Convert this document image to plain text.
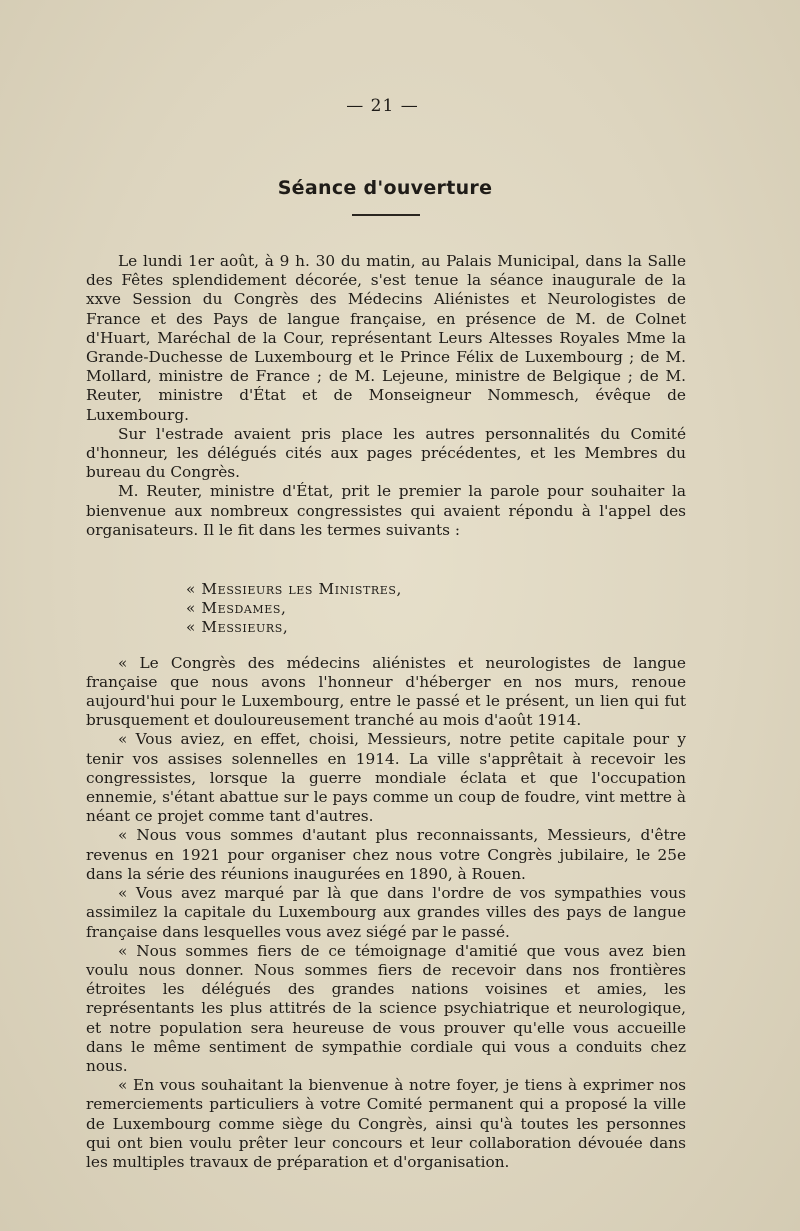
— 21 —
Séance d'ouverture

Le lundi 1er août, à 9 h. 30 du matin, au Palais Municipal, dans la Salle des Fêtes splendidement décorée, s'est tenue la séance inaugurale de la xxve Session du Congrès des Médecins Aliénistes et Neurologistes de France et des Pays de langue française, en présence de M. de Colnet d'Huart, Maréchal de la Cour, représentant Leurs Altesses Royales Mme la Grande-Duchesse de Luxembourg et le Prince Félix de Luxembourg ; de M. Mollard, ministre de France ; de M. Lejeune, ministre de Belgique ; de M. Reuter, ministre d'État et de Monseigneur Nommesch, évêque de Luxembourg.

Sur l'estrade avaient pris place les autres personnalités du Comité d'honneur, les délégués cités aux pages précédentes, et les Membres du bureau du Congrès.

M. Reuter, ministre d'État, prit le premier la parole pour souhaiter la bienvenue aux nombreux congressistes qui avaient répondu à l'appel des organisateurs. Il le fit dans les termes suivants :

« Messieurs les Ministres,

« Mesdames,

« Messieurs,

« Le Congrès des médecins aliénistes et neurologistes de langue française que nous avons l'honneur d'héberger en nos murs, renoue aujourd'hui pour le Luxembourg, entre le passé et le présent, un lien qui fut brusquement et douloureusement tranché au mois d'août 1914.

« Vous aviez, en effet, choisi, Messieurs, notre petite capitale pour y tenir vos assises solennelles en 1914. La ville s'apprêtait à recevoir les congressistes, lorsque la guerre mondiale éclata et que l'occupation ennemie, s'étant abattue sur le pays comme un coup de foudre, vint mettre à néant ce projet comme tant d'autres.

« Nous vous sommes d'autant plus reconnaissants, Messieurs, d'être revenus en 1921 pour organiser chez nous votre Congrès jubilaire, le 25e dans la série des réunions inaugurées en 1890, à Rouen.

« Vous avez marqué par là que dans l'ordre de vos sympathies vous assimilez la capitale du Luxembourg aux grandes villes des pays de langue française dans lesquelles vous avez siégé par le passé.

« Nous sommes fiers de ce témoignage d'amitié que vous avez bien voulu nous donner. Nous sommes fiers de recevoir dans nos frontières étroites les délégués des grandes nations voisines et amies, les représentants les plus attitrés de la science psychiatrique et neurologique, et notre population sera heureuse de vous prouver qu'elle vous accueille dans le même sentiment de sympathie cordiale qui vous a conduits chez nous.

« En vous souhaitant la bienvenue à notre foyer, je tiens à exprimer nos remerciements particuliers à votre Comité permanent qui a proposé la ville de Luxembourg comme siège du Congrès, ainsi qu'à toutes les personnes qui ont bien voulu prêter leur concours et leur collaboration dévouée dans les multiples travaux de préparation et d'organisation.
